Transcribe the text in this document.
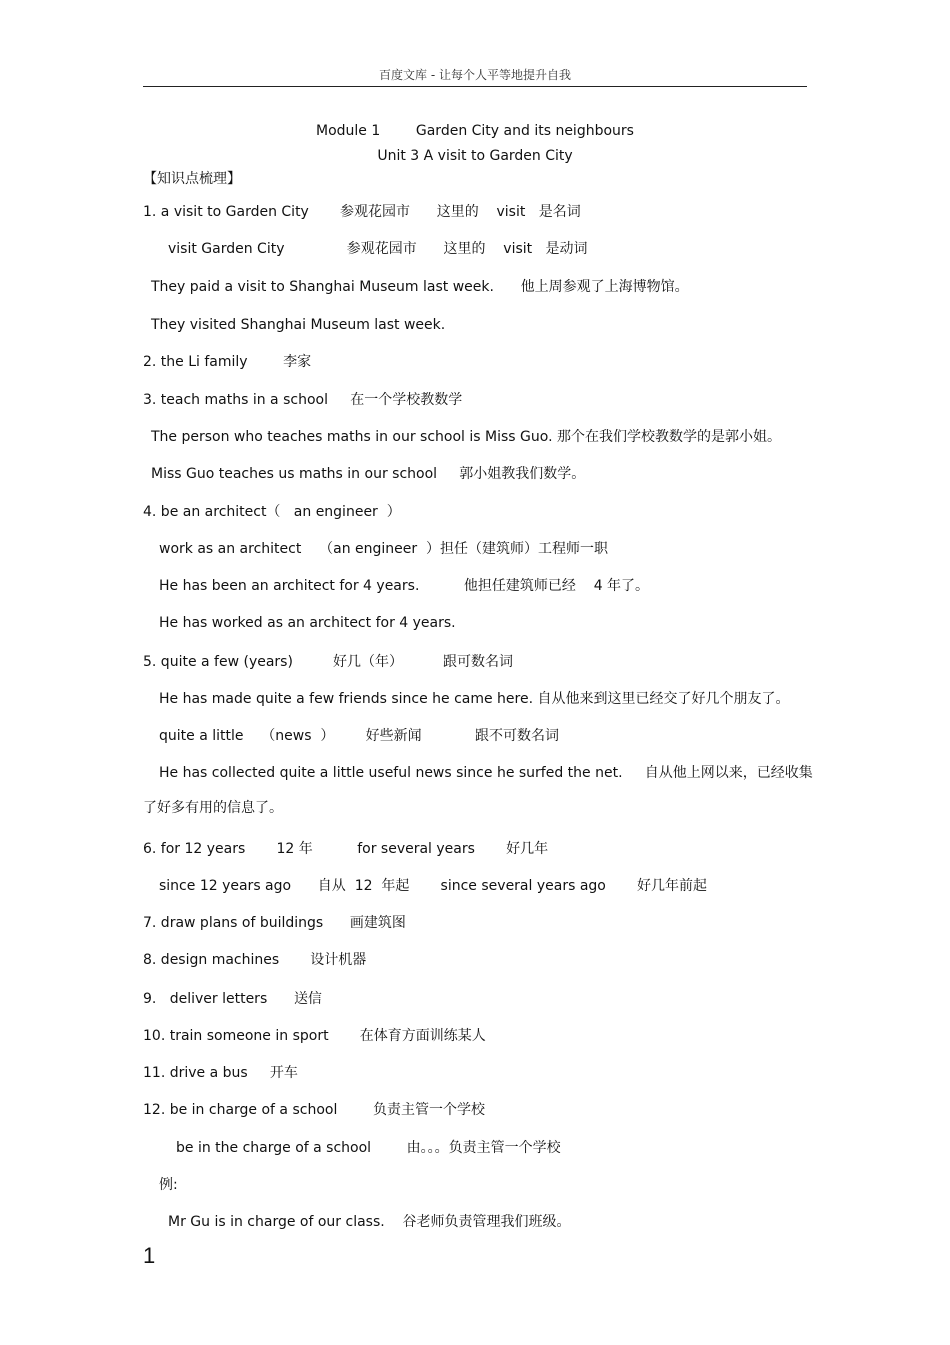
百度文库 - 让每个人平等地提升自我
Module 1        Garden City and its neighbours
Unit 3 A visit to Garden City
【知识点梳理】
1. a visit to Garden City       参观花园市      这里的    visit   是名词
visit Garden City              参观花园市      这里的    visit   是动词
They paid a visit to Shanghai Museum last week.      他上周参观了上海博物馆。
They visited Shanghai Museum last week.
2. the Li family        李家
3. teach maths in a school     在一个学校教数学
The person who teaches maths in our school is Miss Guo. 那个在我们学校教数学的是郭小姐。
Miss Guo teaches us maths in our school     郭小姐教我们数学。
4. be an architect（   an engineer  ）
work as an architect    （an engineer  ）担任（建筑师）工程师一职
He has been an architect for 4 years.          他担任建筑师已经    4 年了。
He has worked as an architect for 4 years.
5. quite a few (years)         好几（年）         跟可数名词
He has made quite a few friends since he came here. 自从他来到这里已经交了好几个朋友了。
quite a little    （news  ）       好些新闻            跟不可数名词
He has collected quite a little useful news since he surfed the net.     自从他上网以来，已经收集
了好多有用的信息了。
6. for 12 years       12 年          for several years       好几年
since 12 years ago      自从  12  年起       since several years ago       好几年前起
7. draw plans of buildings      画建筑图
8. design machines       设计机器
9.   deliver letters      送信
10. train someone in sport       在体育方面训练某人
11. drive a bus     开车
12. be in charge of a school        负责主管一个学校
be in the charge of a school        由。。。负责主管一个学校
例:
Mr Gu is in charge of our class.    谷老师负责管理我们班级。
1
